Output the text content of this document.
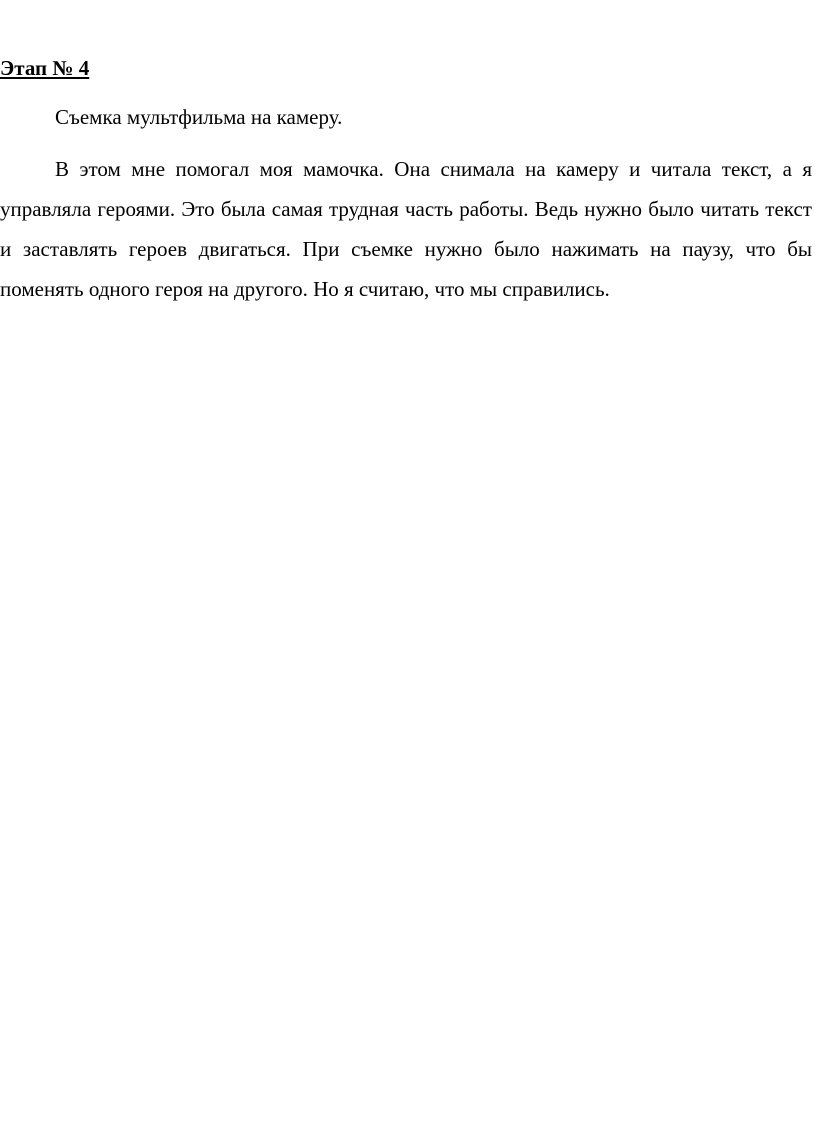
Этап № 4

Съемка мультфильма на камеру.

В этом мне помогал моя мамочка. Она снимала на камеру и читала текст, а я управляла героями. Это была самая трудная часть работы. Ведь нужно было читать текст и заставлять героев двигаться. При съемке нужно было нажимать на паузу, что бы поменять одного героя на другого. Но я считаю, что мы справились.
